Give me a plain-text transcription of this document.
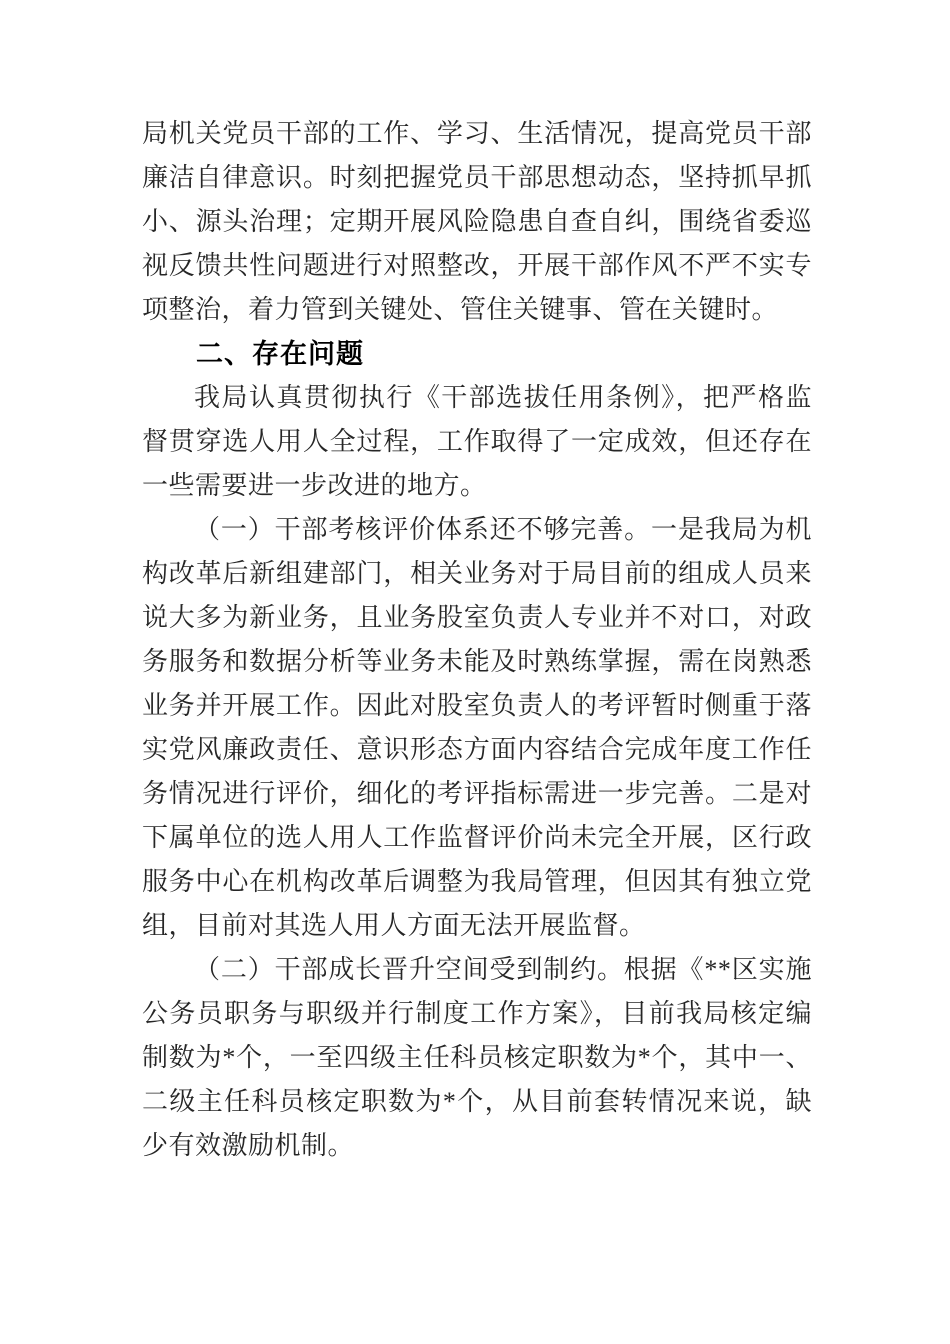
局机关党员干部的工作、学习、生活情况，提高党员干部廉洁自律意识。时刻把握党员干部思想动态，坚持抓早抓小、源头治理；定期开展风险隐患自查自纠，围绕省委巡视反馈共性问题进行对照整改，开展干部作风不严不实专项整治，着力管到关键处、管住关键事、管在关键时。

二、存在问题

我局认真贯彻执行《干部选拔任用条例》，把严格监督贯穿选人用人全过程，工作取得了一定成效，但还存在一些需要进一步改进的地方。

（一）干部考核评价体系还不够完善。一是我局为机构改革后新组建部门，相关业务对于局目前的组成人员来说大多为新业务，且业务股室负责人专业并不对口，对政务服务和数据分析等业务未能及时熟练掌握，需在岗熟悉业务并开展工作。因此对股室负责人的考评暂时侧重于落实党风廉政责任、意识形态方面内容结合完成年度工作任务情况进行评价，细化的考评指标需进一步完善。二是对下属单位的选人用人工作监督评价尚未完全开展，区行政服务中心在机构改革后调整为我局管理，但因其有独立党组，目前对其选人用人方面无法开展监督。

（二）干部成长晋升空间受到制约。根据《**区实施公务员职务与职级并行制度工作方案》，目前我局核定编制数为*个，一至四级主任科员核定职数为*个，其中一、二级主任科员核定职数为*个，从目前套转情况来说，缺少有效激励机制。
